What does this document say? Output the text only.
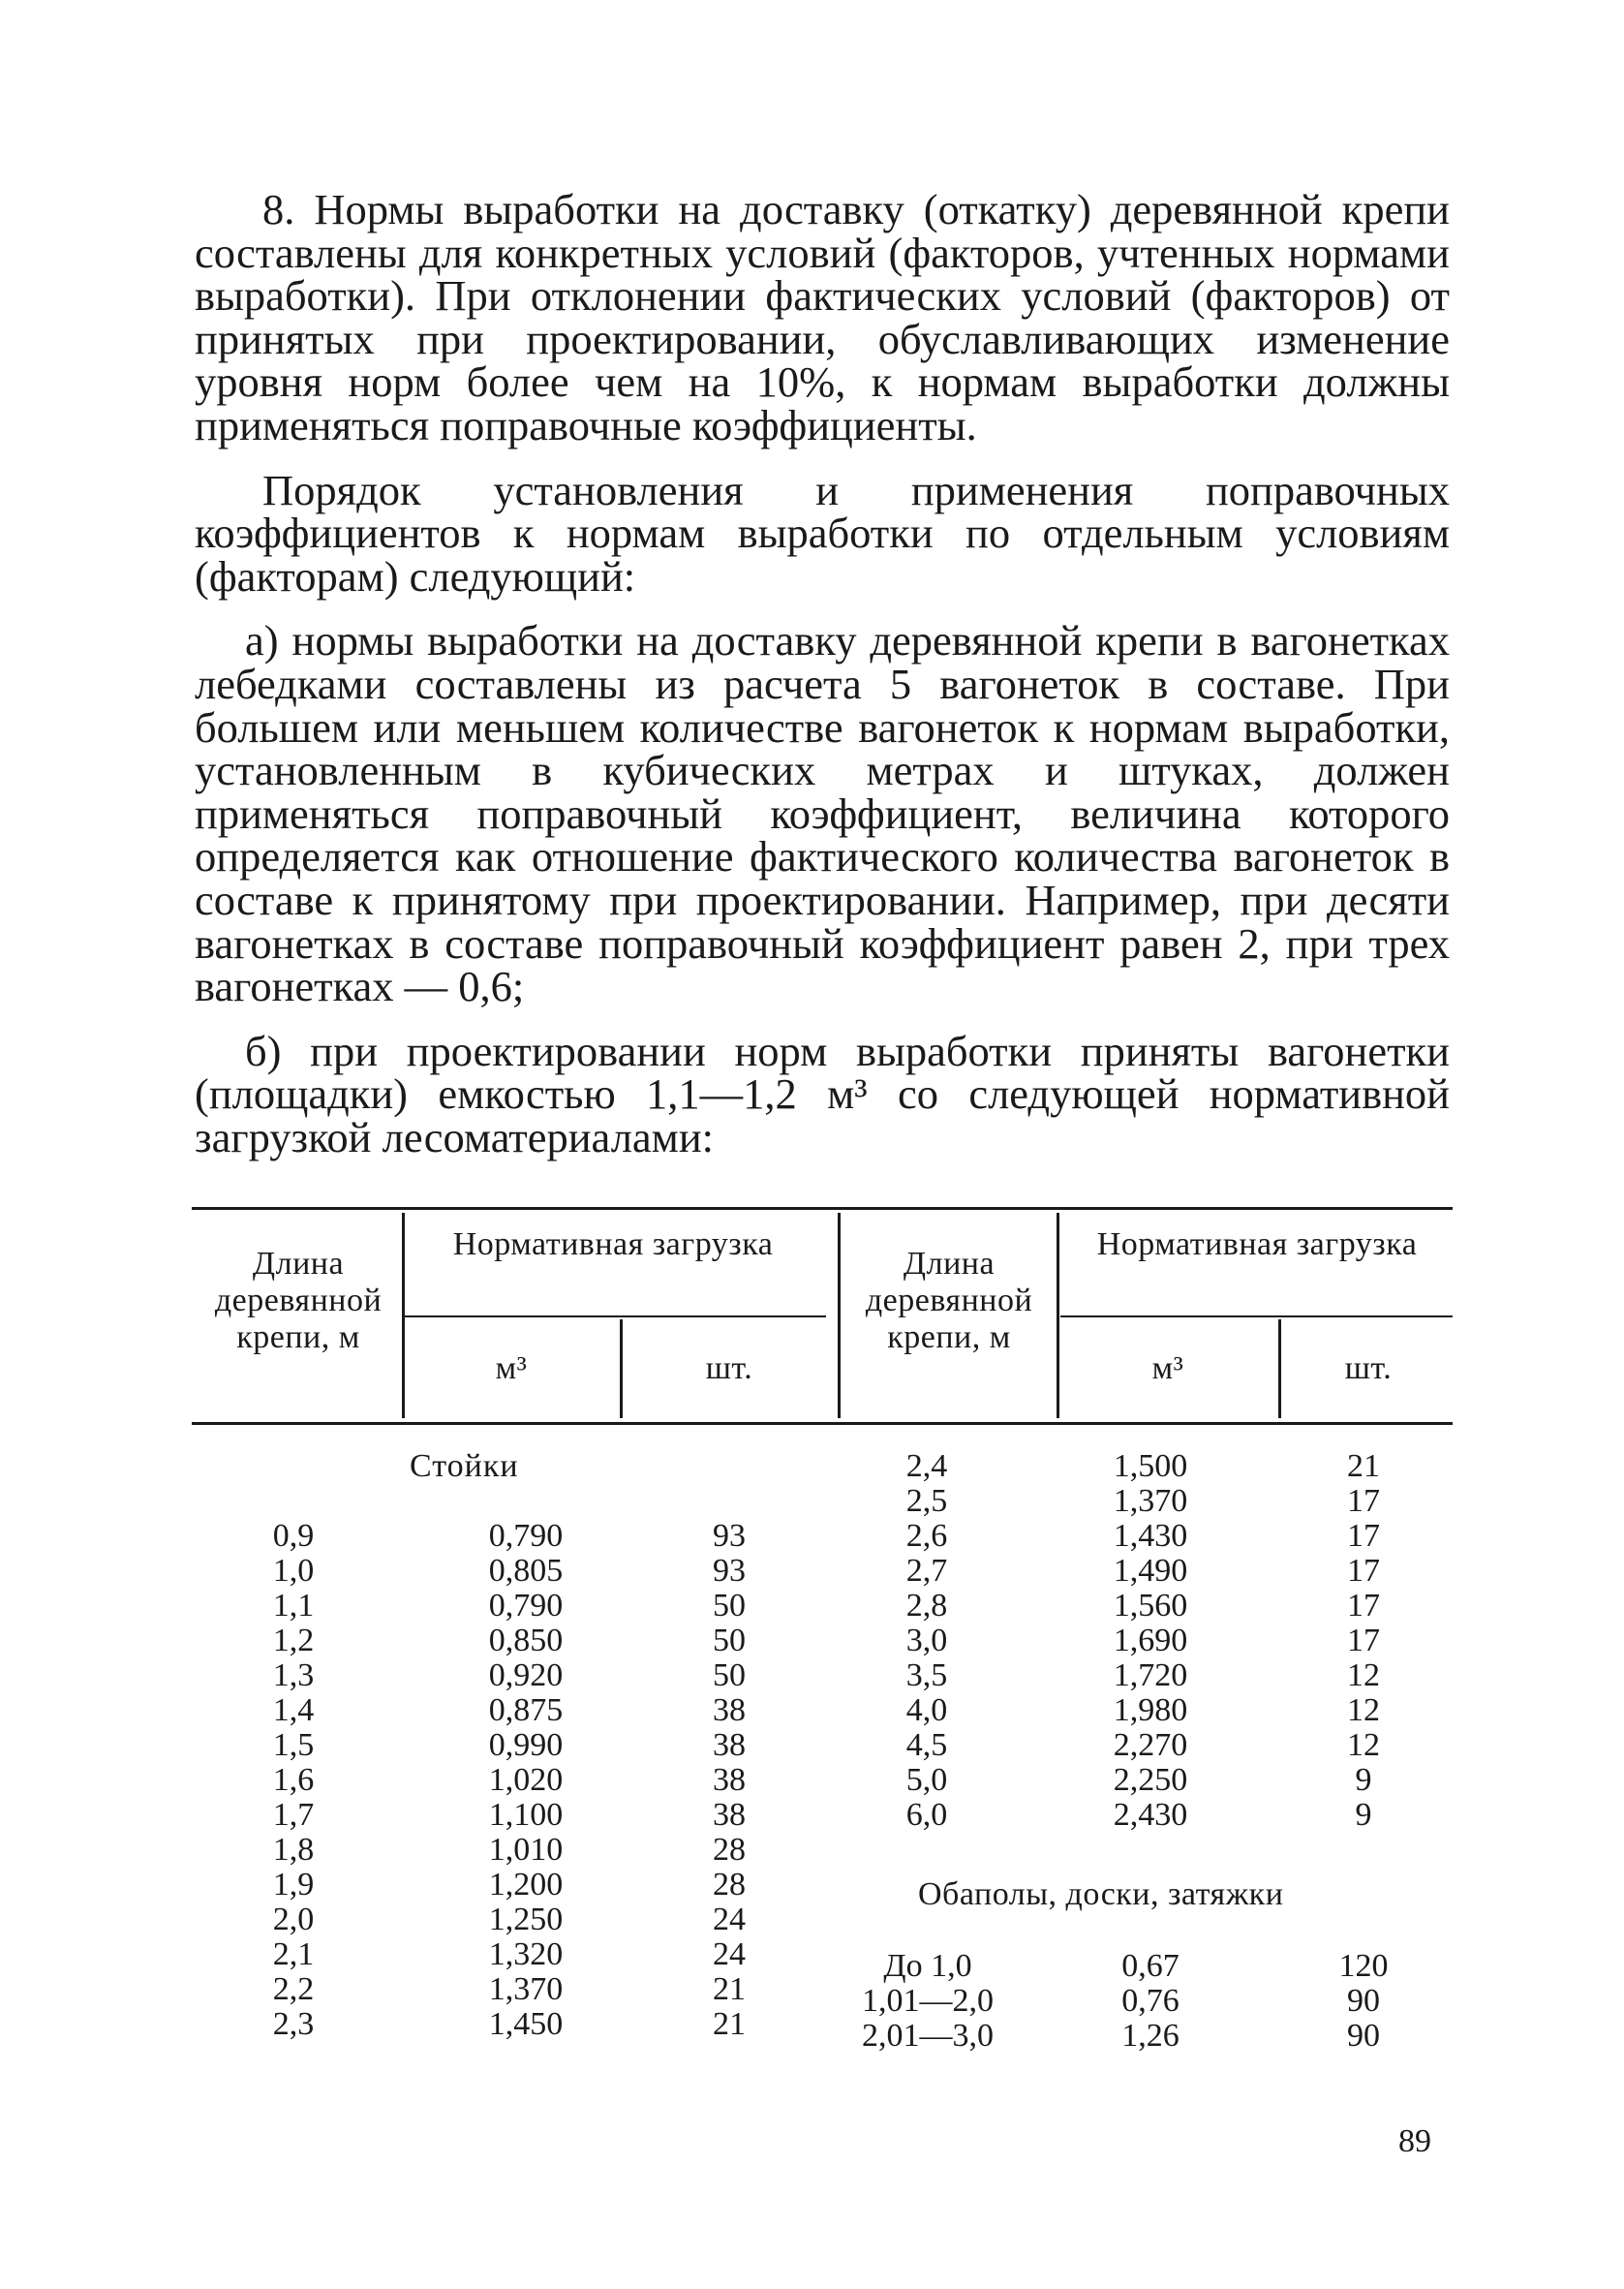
8. Нормы выработки на доставку (откатку) деревянной крепи составлены для конкретных условий (факторов, учтенных нормами выработки). При отклонении фактических условий (факторов) от принятых при проектировании, обуславливающих изменение уровня норм более чем на 10%, к нормам выработки должны применяться поправочные коэффициенты.

Порядок установления и применения поправочных коэффициентов к нормам выработки по отдельным условиям (факторам) следующий:

а) нормы выработки на доставку деревянной крепи в вагонетках лебедками составлены из расчета 5 вагонеток в составе. При большем или меньшем количестве вагонеток к нормам выработки, установленным в кубических метрах и штуках, должен применяться поправочный коэффициент, величина которого определяется как отношение фактического количества вагонеток в составе к принятому при проектировании. Например, при десяти вагонетках в составе поправочный коэффициент равен 2, при трех вагонетках — 0,6;

б) при проектировании норм выработки приняты вагонетки (площадки) емкостью 1,1—1,2 м³ со следующей нормативной загрузкой лесоматериалами:

Длина деревянной крепи, м
Нормативная загрузка
м³	шт.
Длина деревянной крепи, м
Нормативная загрузка
м³	шт.
Стойки
Обаполы, доски, затяжки
0,9
1,0
1,1
1,2
1,3
1,4
1,5
1,6
1,7
1,8
1,9
2,0
2,1
2,2
2,3
0,790
0,805
0,790
0,850
0,920
0,875
0,990
1,020
1,100
1,010
1,200
1,250
1,320
1,370
1,450
93
93
50
50
50
38
38
38
38
28
28
24
24
21
21
2,4
2,5
2,6
2,7
2,8
3,0
3,5
4,0
4,5
5,0
6,0
1,500
1,370
1,430
1,490
1,560
1,690
1,720
1,980
2,270
2,250
2,430
21
17
17
17
17
17
12
12
12
9
9
До 1,0
1,01—2,0
2,01—3,0
0,67
0,76
1,26
120
90
90
89
